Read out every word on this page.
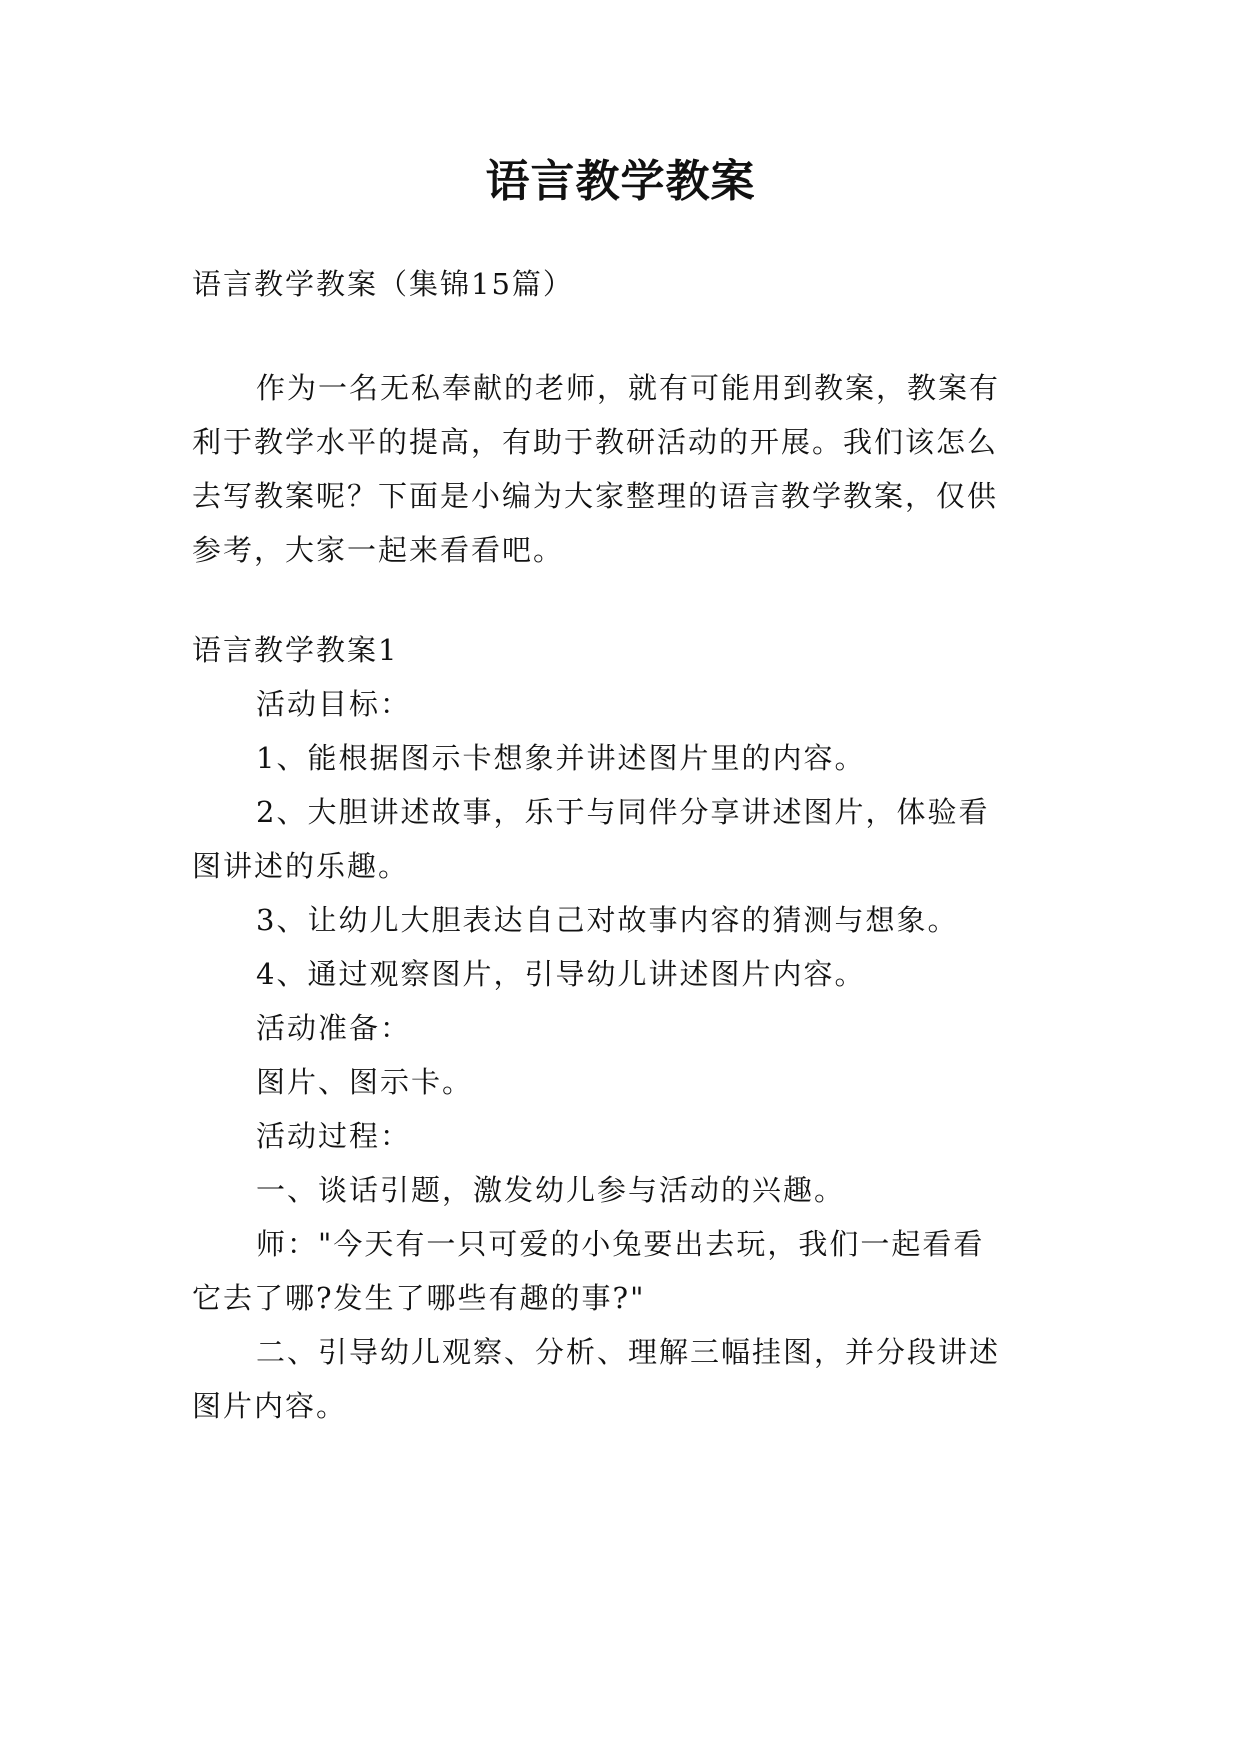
语言教学教案
语言教学教案（集锦15篇）
作为一名无私奉献的老师，就有可能用到教案，教案有
利于教学水平的提高，有助于教研活动的开展。我们该怎么
去写教案呢？下面是小编为大家整理的语言教学教案，仅供
参考，大家一起来看看吧。
语言教学教案1
活动目标：
1、能根据图示卡想象并讲述图片里的内容。
2、大胆讲述故事，乐于与同伴分享讲述图片，体验看
图讲述的乐趣。
3、让幼儿大胆表达自己对故事内容的猜测与想象。
4、通过观察图片，引导幼儿讲述图片内容。
活动准备：
图片、图示卡。
活动过程：
一、谈话引题，激发幼儿参与活动的兴趣。
师："今天有一只可爱的小兔要出去玩，我们一起看看
它去了哪?发生了哪些有趣的事?"
二、引导幼儿观察、分析、理解三幅挂图，并分段讲述
图片内容。
